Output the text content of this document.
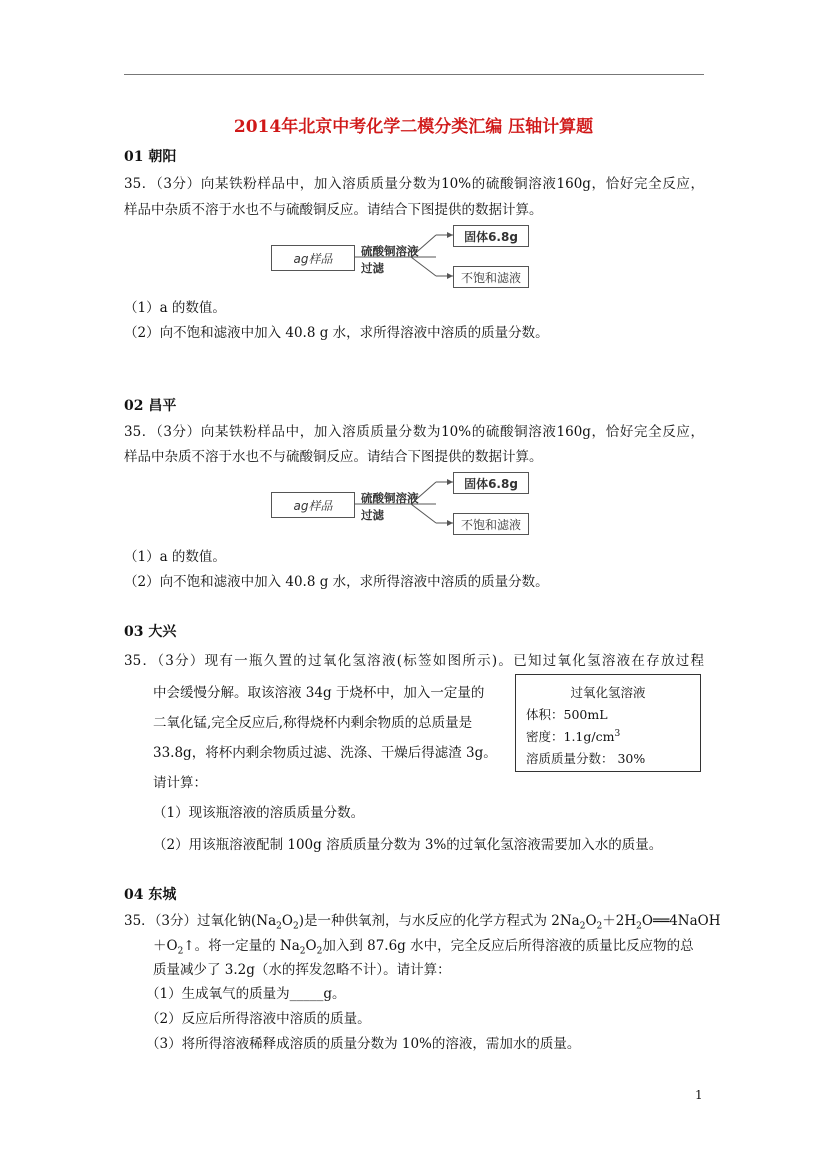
2014年北京中考化学二模分类汇编 压轴计算题
01 朝阳
35．（3分）向某铁粉样品中，加入溶质质量分数为10%的硫酸铜溶液160g，恰好完全反应，
样品中杂质不溶于水也不与硫酸铜反应。请结合下图提供的数据计算。
ag样品
硫酸铜溶液
过滤
固体6.8g
不饱和滤液
（1）a 的数值。
（2）向不饱和滤液中加入 40.8 g 水，求所得溶液中溶质的质量分数。
02 昌平
35．（3分）向某铁粉样品中，加入溶质质量分数为10%的硫酸铜溶液160g，恰好完全反应，
样品中杂质不溶于水也不与硫酸铜反应。请结合下图提供的数据计算。
ag样品
硫酸铜溶液
过滤
固体6.8g
不饱和滤液
（1）a 的数值。
（2）向不饱和滤液中加入 40.8 g 水，求所得溶液中溶质的质量分数。
03 大兴
35．（3分）现有一瓶久置的过氧化氢溶液(标签如图所示)。已知过氧化氢溶液在存放过程
中会缓慢分解。取该溶液 34g 于烧杯中，加入一定量的
二氧化锰,完全反应后,称得烧杯内剩余物质的总质量是
33.8g，将杯内剩余物质过滤、洗涤、干燥后得滤渣 3g。
请计算：
过氧化氢溶液
体积：500mL
密度：$1.1g/cm^3$
溶质质量分数： 30%
（1）现该瓶溶液的溶质质量分数。
（2）用该瓶溶液配制 100g 溶质质量分数为 3%的过氧化氢溶液需要加入水的质量。
04 东城
35．（3分）过氧化钠$(Na_2O_2)$是一种供氧剂，与水反应的化学方程式为 $2Na_2O_2+2H_2O══4NaOH$
$+O_2↑$。将一定量的 $Na_2O_2$加入到 87.6g 水中，完全反应后所得溶液的质量比反应物的总
质量减少了 3.2g（水的挥发忽略不计）。请计算：
（1）生成氧气的质量为_____g。
（2）反应后所得溶液中溶质的质量。
（3）将所得溶液稀释成溶质的质量分数为 10%的溶液，需加水的质量。
1
